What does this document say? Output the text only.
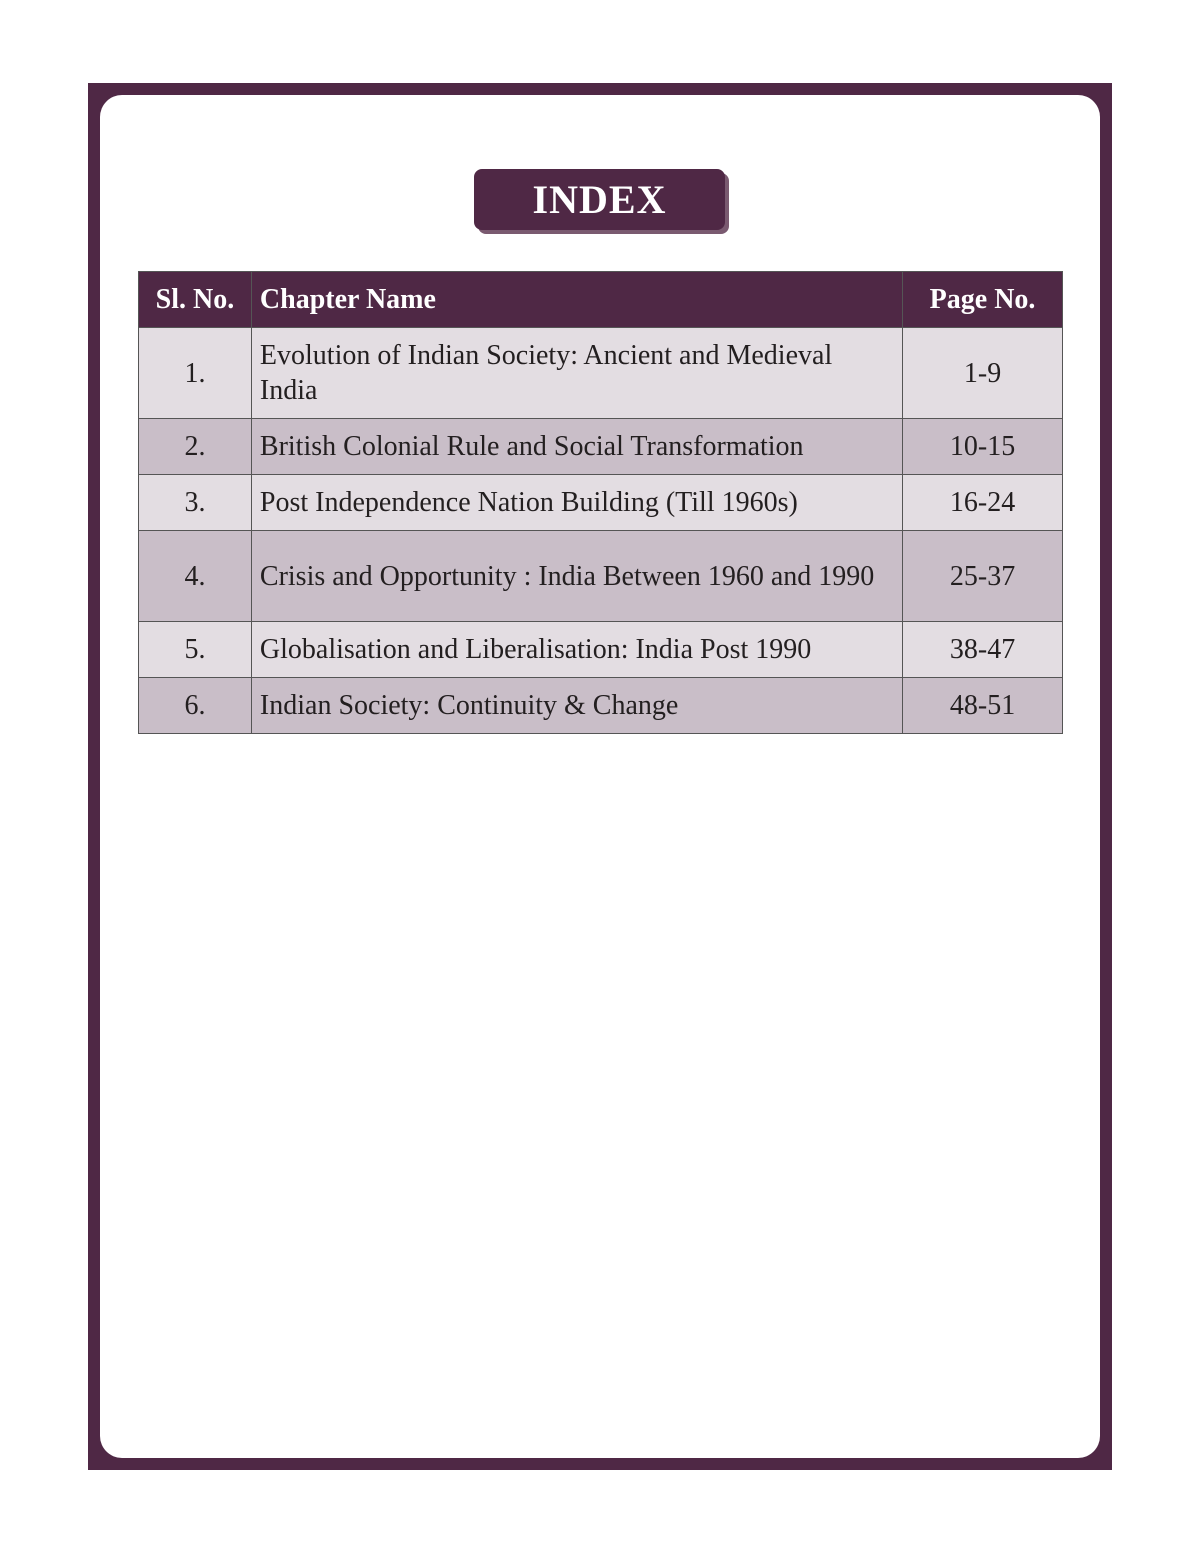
INDEX
Sl. No.	Chapter Name	Page No.
1.	Evolution of Indian Society: Ancient and Medieval India	1-9
2.	British Colonial Rule and Social Transformation	10-15
3.	Post Independence Nation Building (Till 1960s)	16-24
4.	Crisis and Opportunity : India Between 1960 and 1990	25-37
5.	Globalisation and Liberalisation: India Post 1990	38-47
6.	Indian Society: Continuity & Change	48-51
